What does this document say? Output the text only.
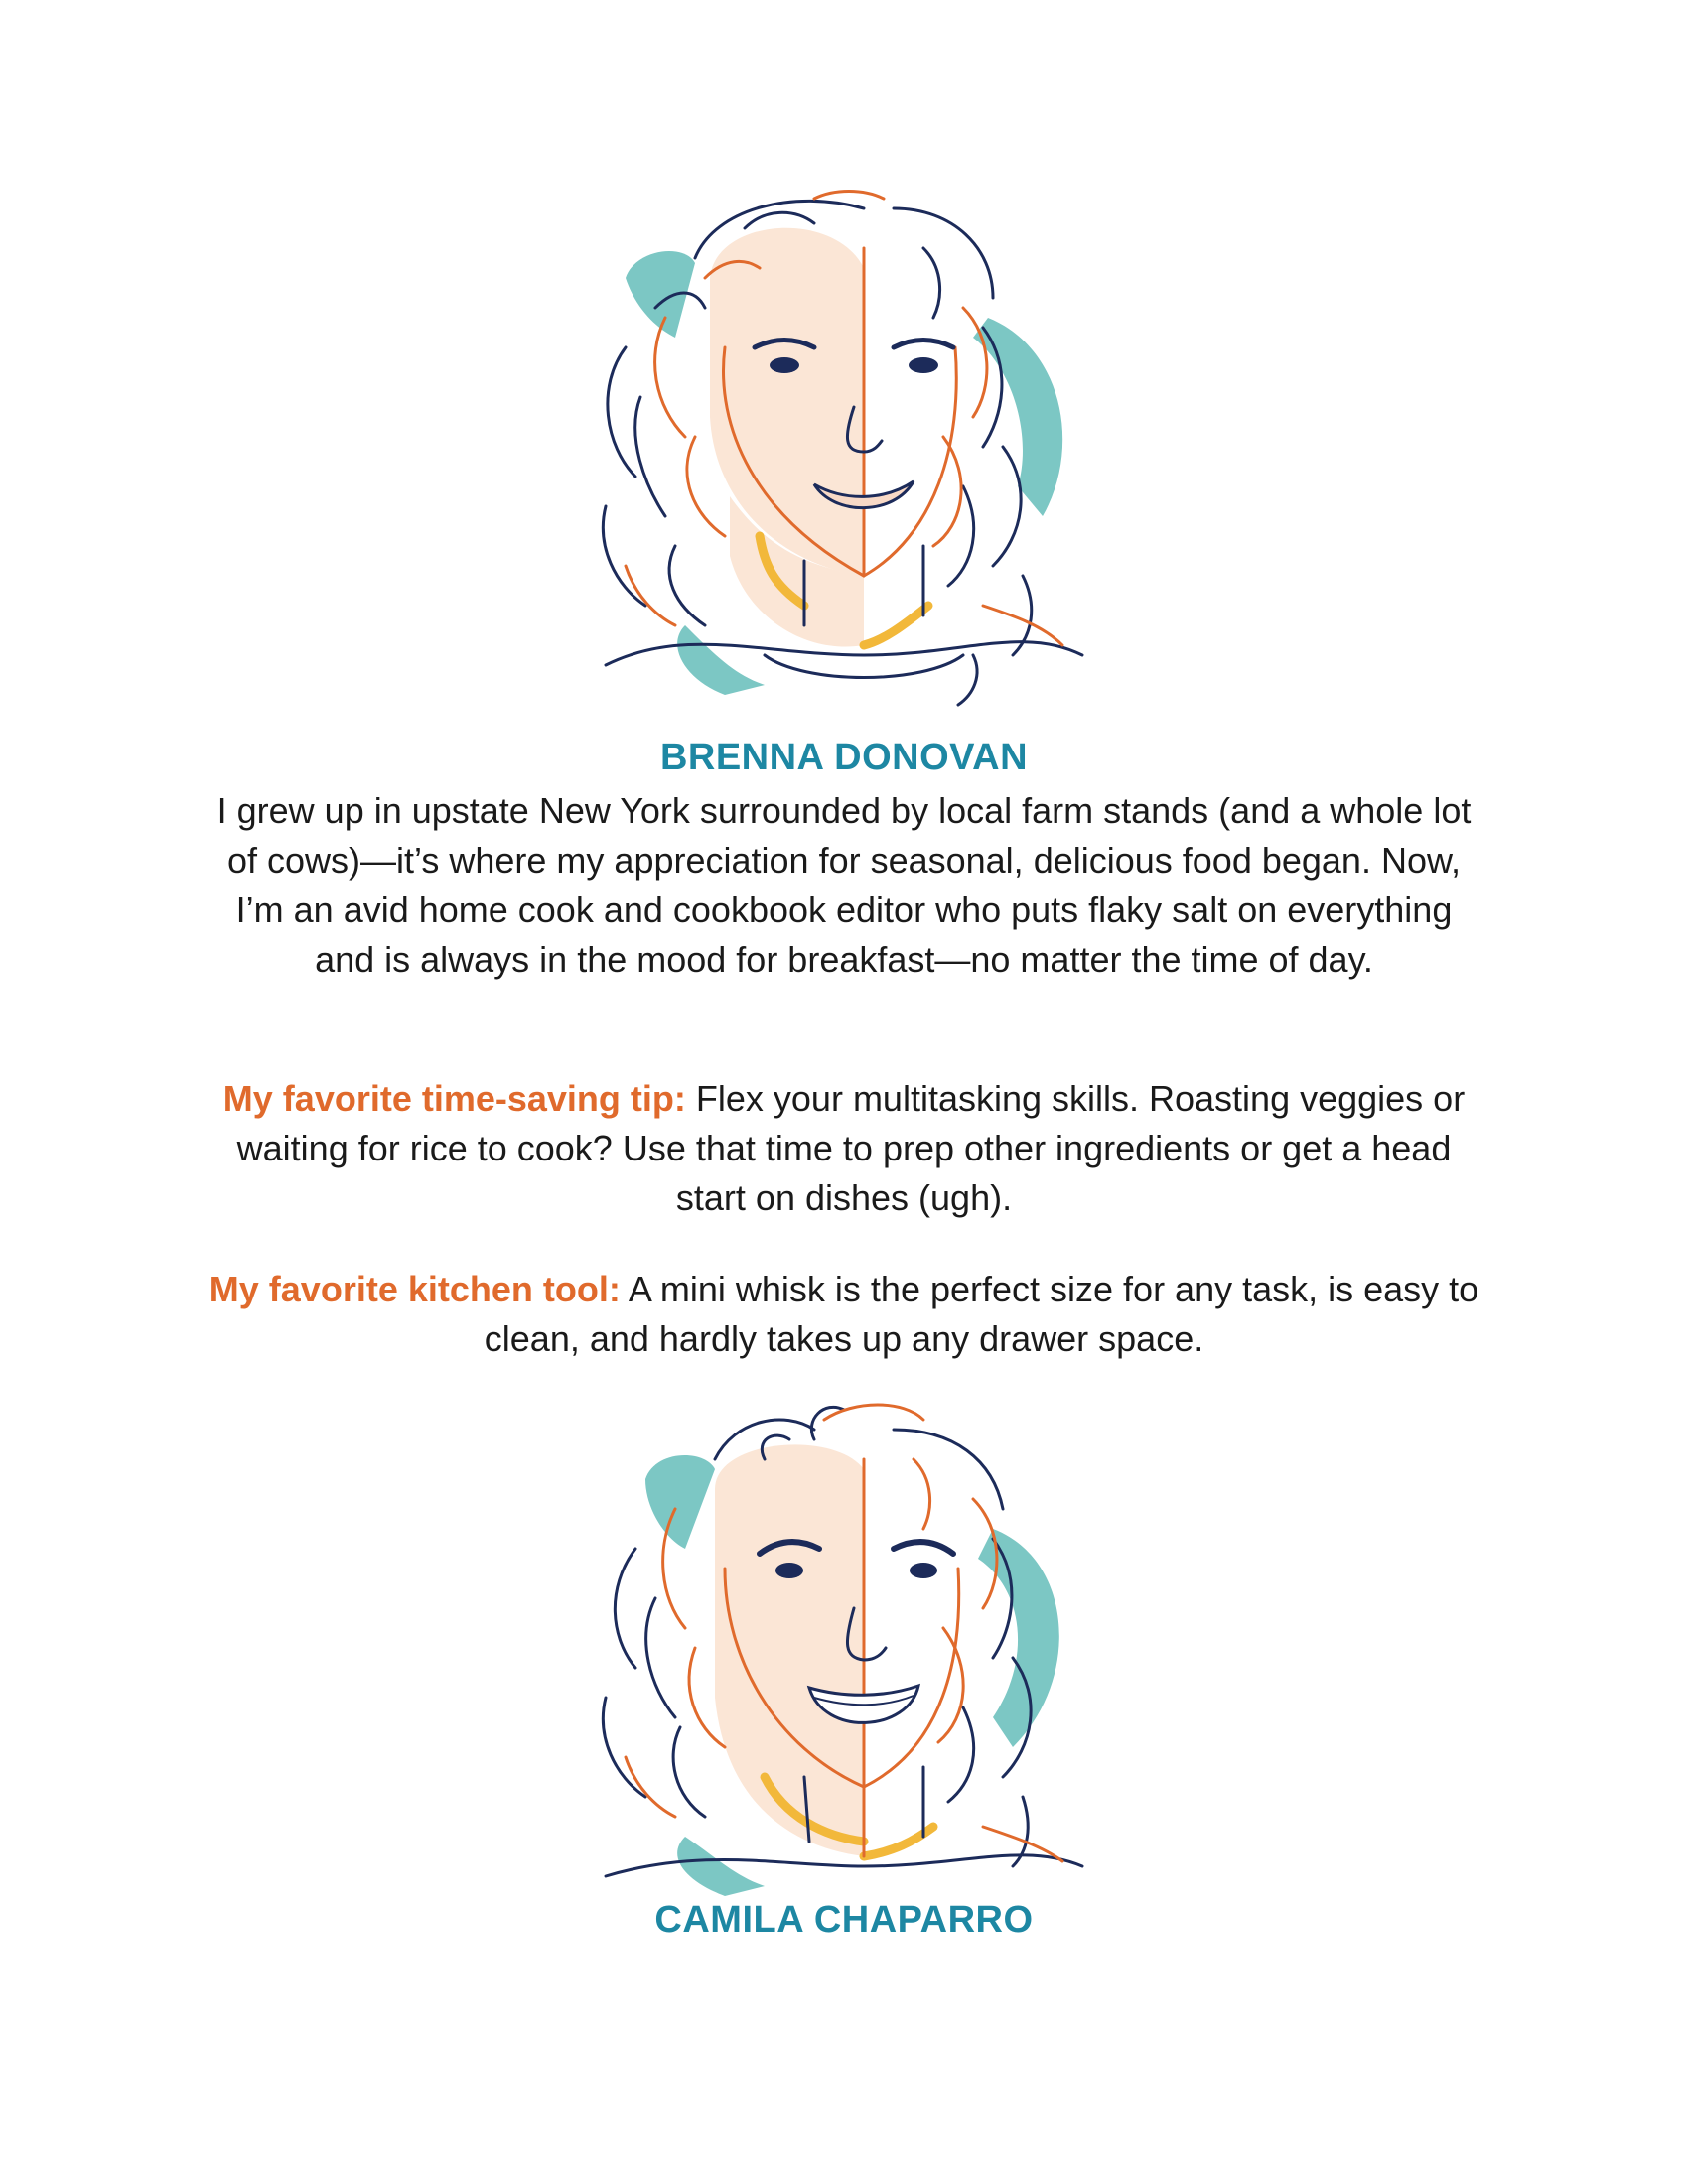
BRENNA DONOVAN
I grew up in upstate New York surrounded by local farm stands (and a whole lot of cows)—it’s where my appreciation for seasonal, delicious food began. Now, I’m an avid home cook and cookbook editor who puts flaky salt on everything and is always in the mood for breakfast—no matter the time of day.
My favorite time-saving tip: Flex your multitasking skills. Roasting veggies or waiting for rice to cook? Use that time to prep other ingredients or get a head start on dishes (ugh).
My favorite kitchen tool: A mini whisk is the perfect size for any task, is easy to clean, and hardly takes up any drawer space.
CAMILA CHAPARRO
